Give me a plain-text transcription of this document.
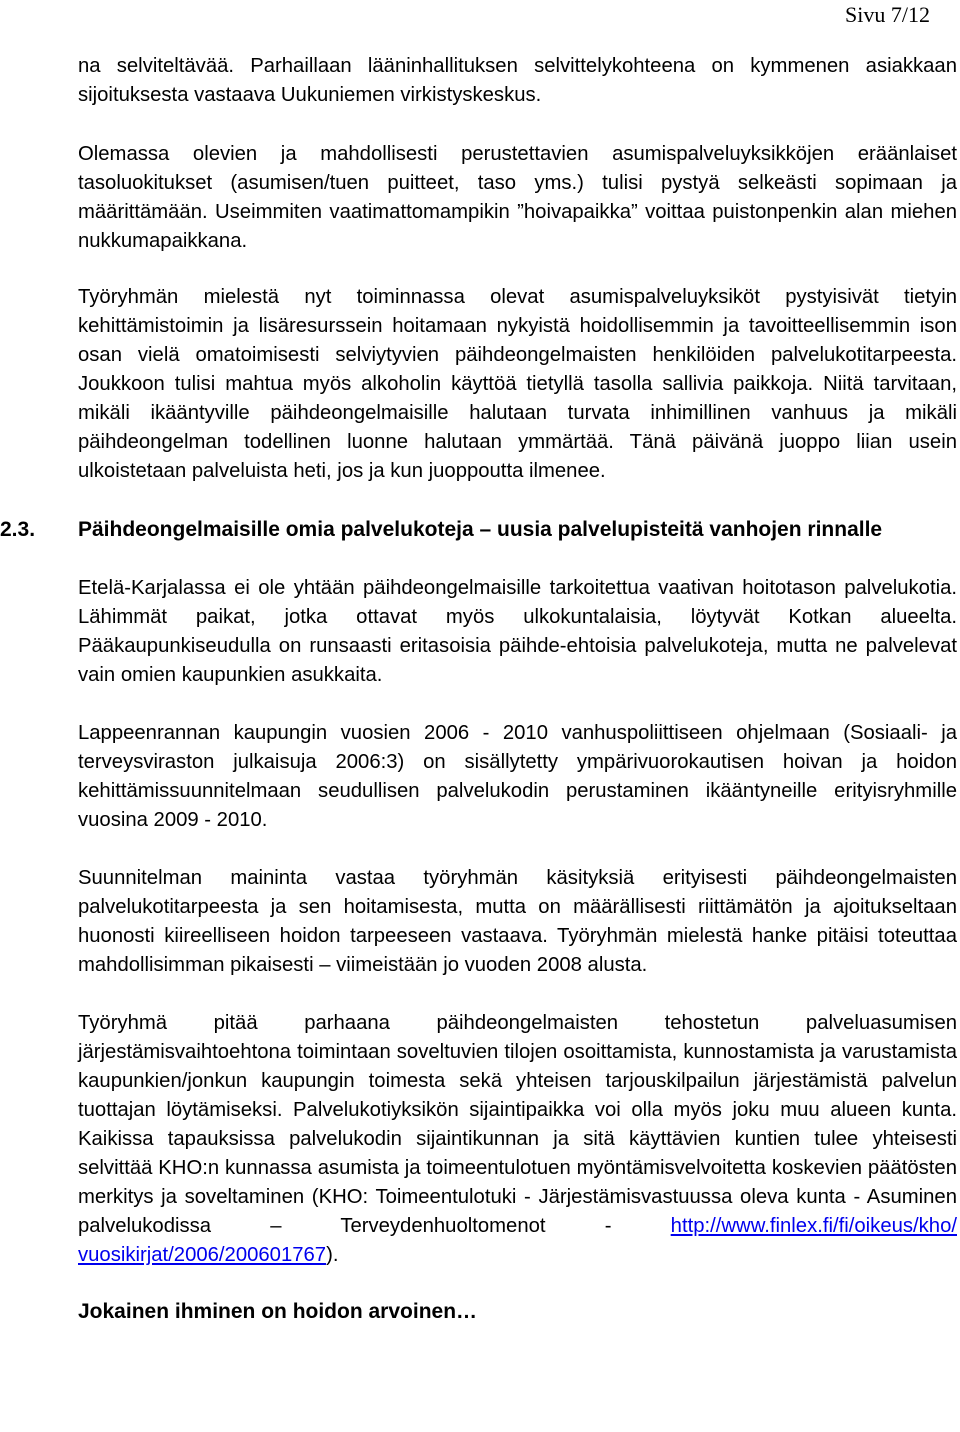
Sivu 7/12

na selviteltävää. Parhaillaan lääninhallituksen selvittelykohteena on kymmenen asiakkaan sijoituksesta vastaava Uukuniemen virkistyskeskus.

Olemassa olevien ja mahdollisesti perustettavien asumispalveluyksikköjen eräänlaiset tasoluokitukset (asumisen/tuen puitteet, taso yms.) tulisi pystyä selkeästi sopimaan ja määrittämään. Useimmiten vaatimattomampikin ”hoivapaikka” voittaa puistonpenkin alan miehen nukkumapaikkana.

Työryhmän mielestä nyt toiminnassa olevat asumispalveluyksiköt pystyisivät tietyin kehittämistoimin ja lisäresurssein hoitamaan nykyistä hoidollisemmin ja tavoitteellisemmin ison osan vielä omatoimisesti selviytyvien päihdeongelmaisten henkilöiden palvelukotitarpeesta. Joukkoon tulisi mahtua myös alkoholin käyttöä tietyllä tasolla sallivia paikkoja. Niitä tarvitaan, mikäli ikääntyville päihdeongelmaisille halutaan turvata inhimillinen vanhuus ja mikäli päihdeongelman todellinen luonne halutaan ymmärtää. Tänä päivänä juoppo liian usein ulkoistetaan palveluista heti, jos ja kun juoppoutta ilmenee.

2.3. Päihdeongelmaisille omia palvelukoteja – uusia palvelupisteitä vanhojen rinnalle

Etelä-Karjalassa ei ole yhtään päihdeongelmaisille tarkoitettua vaativan hoitotason palvelukotia. Lähimmät paikat, jotka ottavat myös ulkokuntalaisia, löytyvät Kotkan alueelta. Pääkaupunkiseudulla on runsaasti eritasoisia päihde-ehtoisia palvelukoteja, mutta ne palvelevat vain omien kaupunkien asukkaita.

Lappeenrannan kaupungin vuosien 2006 - 2010 vanhuspoliittiseen ohjelmaan (Sosiaali- ja terveysviraston julkaisuja 2006:3) on sisällytetty ympärivuorokautisen hoivan ja hoidon kehittämissuunnitelmaan seudullisen palvelukodin perustaminen ikääntyneille erityisryhmille vuosina 2009 - 2010.

Suunnitelman maininta vastaa työryhmän käsityksiä erityisesti päihdeongelmaisten palvelukotitarpeesta ja sen hoitamisesta, mutta on määrällisesti riittämätön ja ajoitukseltaan huonosti kiireelliseen hoidon tarpeeseen vastaava. Työryhmän mielestä hanke pitäisi toteuttaa mahdollisimman pikaisesti – viimeistään jo vuoden 2008 alusta.

Työryhmä pitää parhaana päihdeongelmaisten tehostetun palveluasumisen järjestämisvaihtoehtona toimintaan soveltuvien tilojen osoittamista, kunnostamista ja varustamista kaupunkien/jonkun kaupungin toimesta sekä yhteisen tarjouskilpailun järjestämistä palvelun tuottajan löytämiseksi. Palvelukotiyksikön sijaintipaikka voi olla myös joku muu alueen kunta. Kaikissa tapauksissa palvelukodin sijaintikunnan ja sitä käyttävien kuntien tulee yhteisesti selvittää KHO:n kunnassa asumista ja toimeentulotuen myöntämisvelvoitetta koskevien päätösten merkitys ja soveltaminen (KHO: Toimeentulotuki - Järjestämisvastuussa oleva kunta - Asuminen palvelukodissa – Terveydenhuoltomenot - http://www.finlex.fi/fi/oikeus/kho/ vuosikirjat/2006/200601767).

Jokainen ihminen on hoidon arvoinen…
